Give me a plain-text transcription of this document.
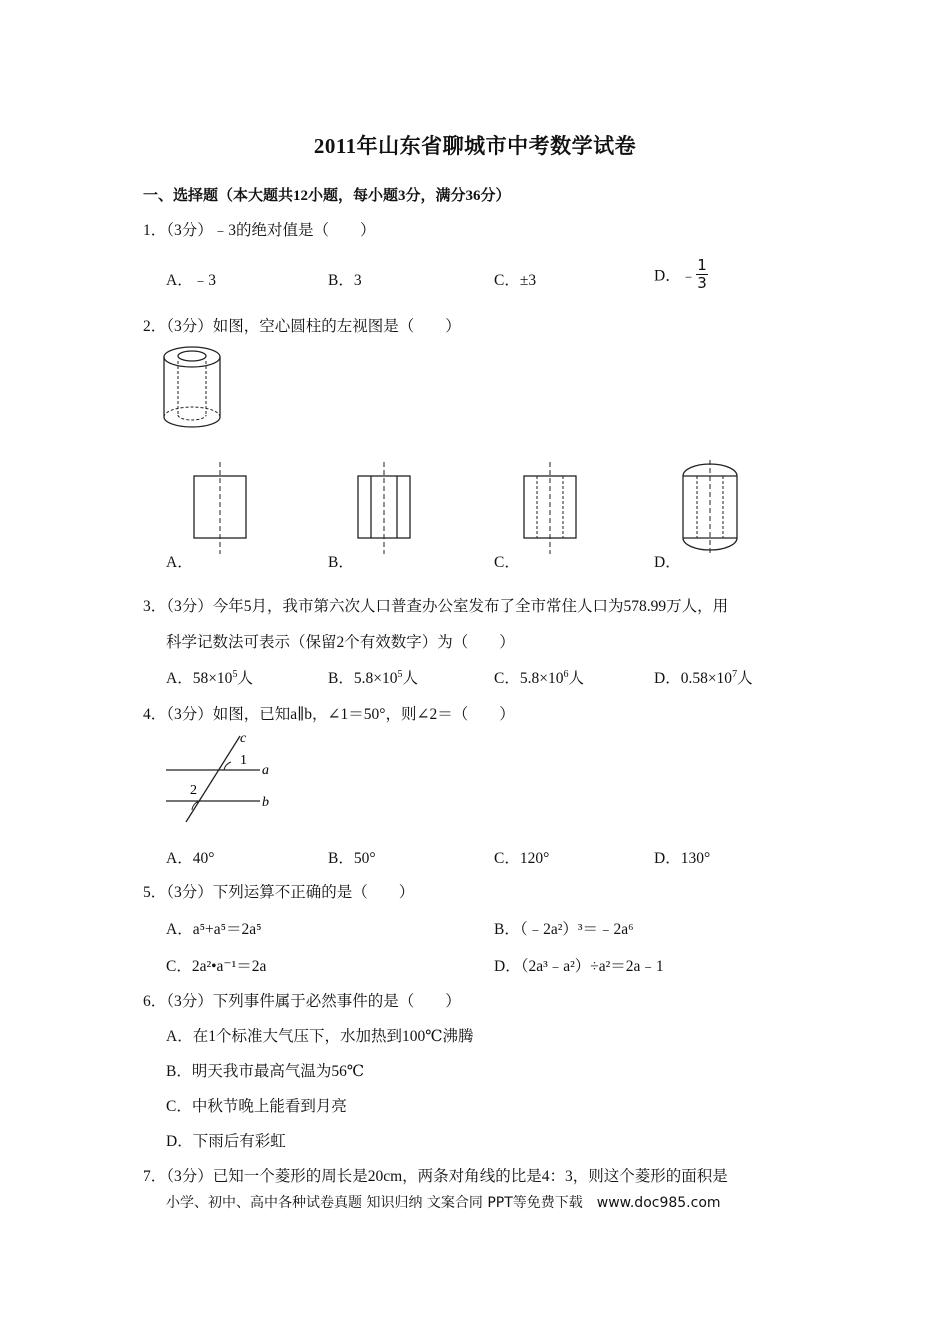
2011年山东省聊城市中考数学试卷
一、选择题（本大题共12小题，每小题3分，满分36分）
1．（3分）﹣3的绝对值是（　　）
A．﹣3	B．3	C．±3	D．﹣ $\frac{1}{3}$
2．（3分）如图，空心圆柱的左视图是（　　）
A．	B．	C．	D．
3．（3分）今年5月，我市第六次人口普查办公室发布了全市常住人口为578.99万人，用
科学记数法可表示（保留2个有效数字）为（　　）
A．$58\times 10^5$人	B．$5.8\times 10^5$人	C．$5.8\times 10^6$人	D．$0.58\times 10^7$人
4．（3分）如图，已知a∥b，∠1＝50°，则∠2＝（　　）
c
1
a
2
b
A．40°	B．50°	C．120°	D．130°
5．（3分）下列运算不正确的是（　　）
A．a⁵+a⁵＝2a⁵	B．（﹣2a²）³＝﹣2a⁶
C．2a²•a⁻¹＝2a	D．（2a³﹣a²）÷a²＝2a﹣1
6．（3分）下列事件属于必然事件的是（　　）
A．在1个标准大气压下，水加热到100℃沸腾
B．明天我市最高气温为56℃
C．中秋节晚上能看到月亮
D．下雨后有彩虹
7．（3分）已知一个菱形的周长是20cm，两条对角线的比是4：3，则这个菱形的面积是
小学、初中、高中各种试卷真题 知识归纳 文案合同 PPT等免费下载　www.doc985.com
